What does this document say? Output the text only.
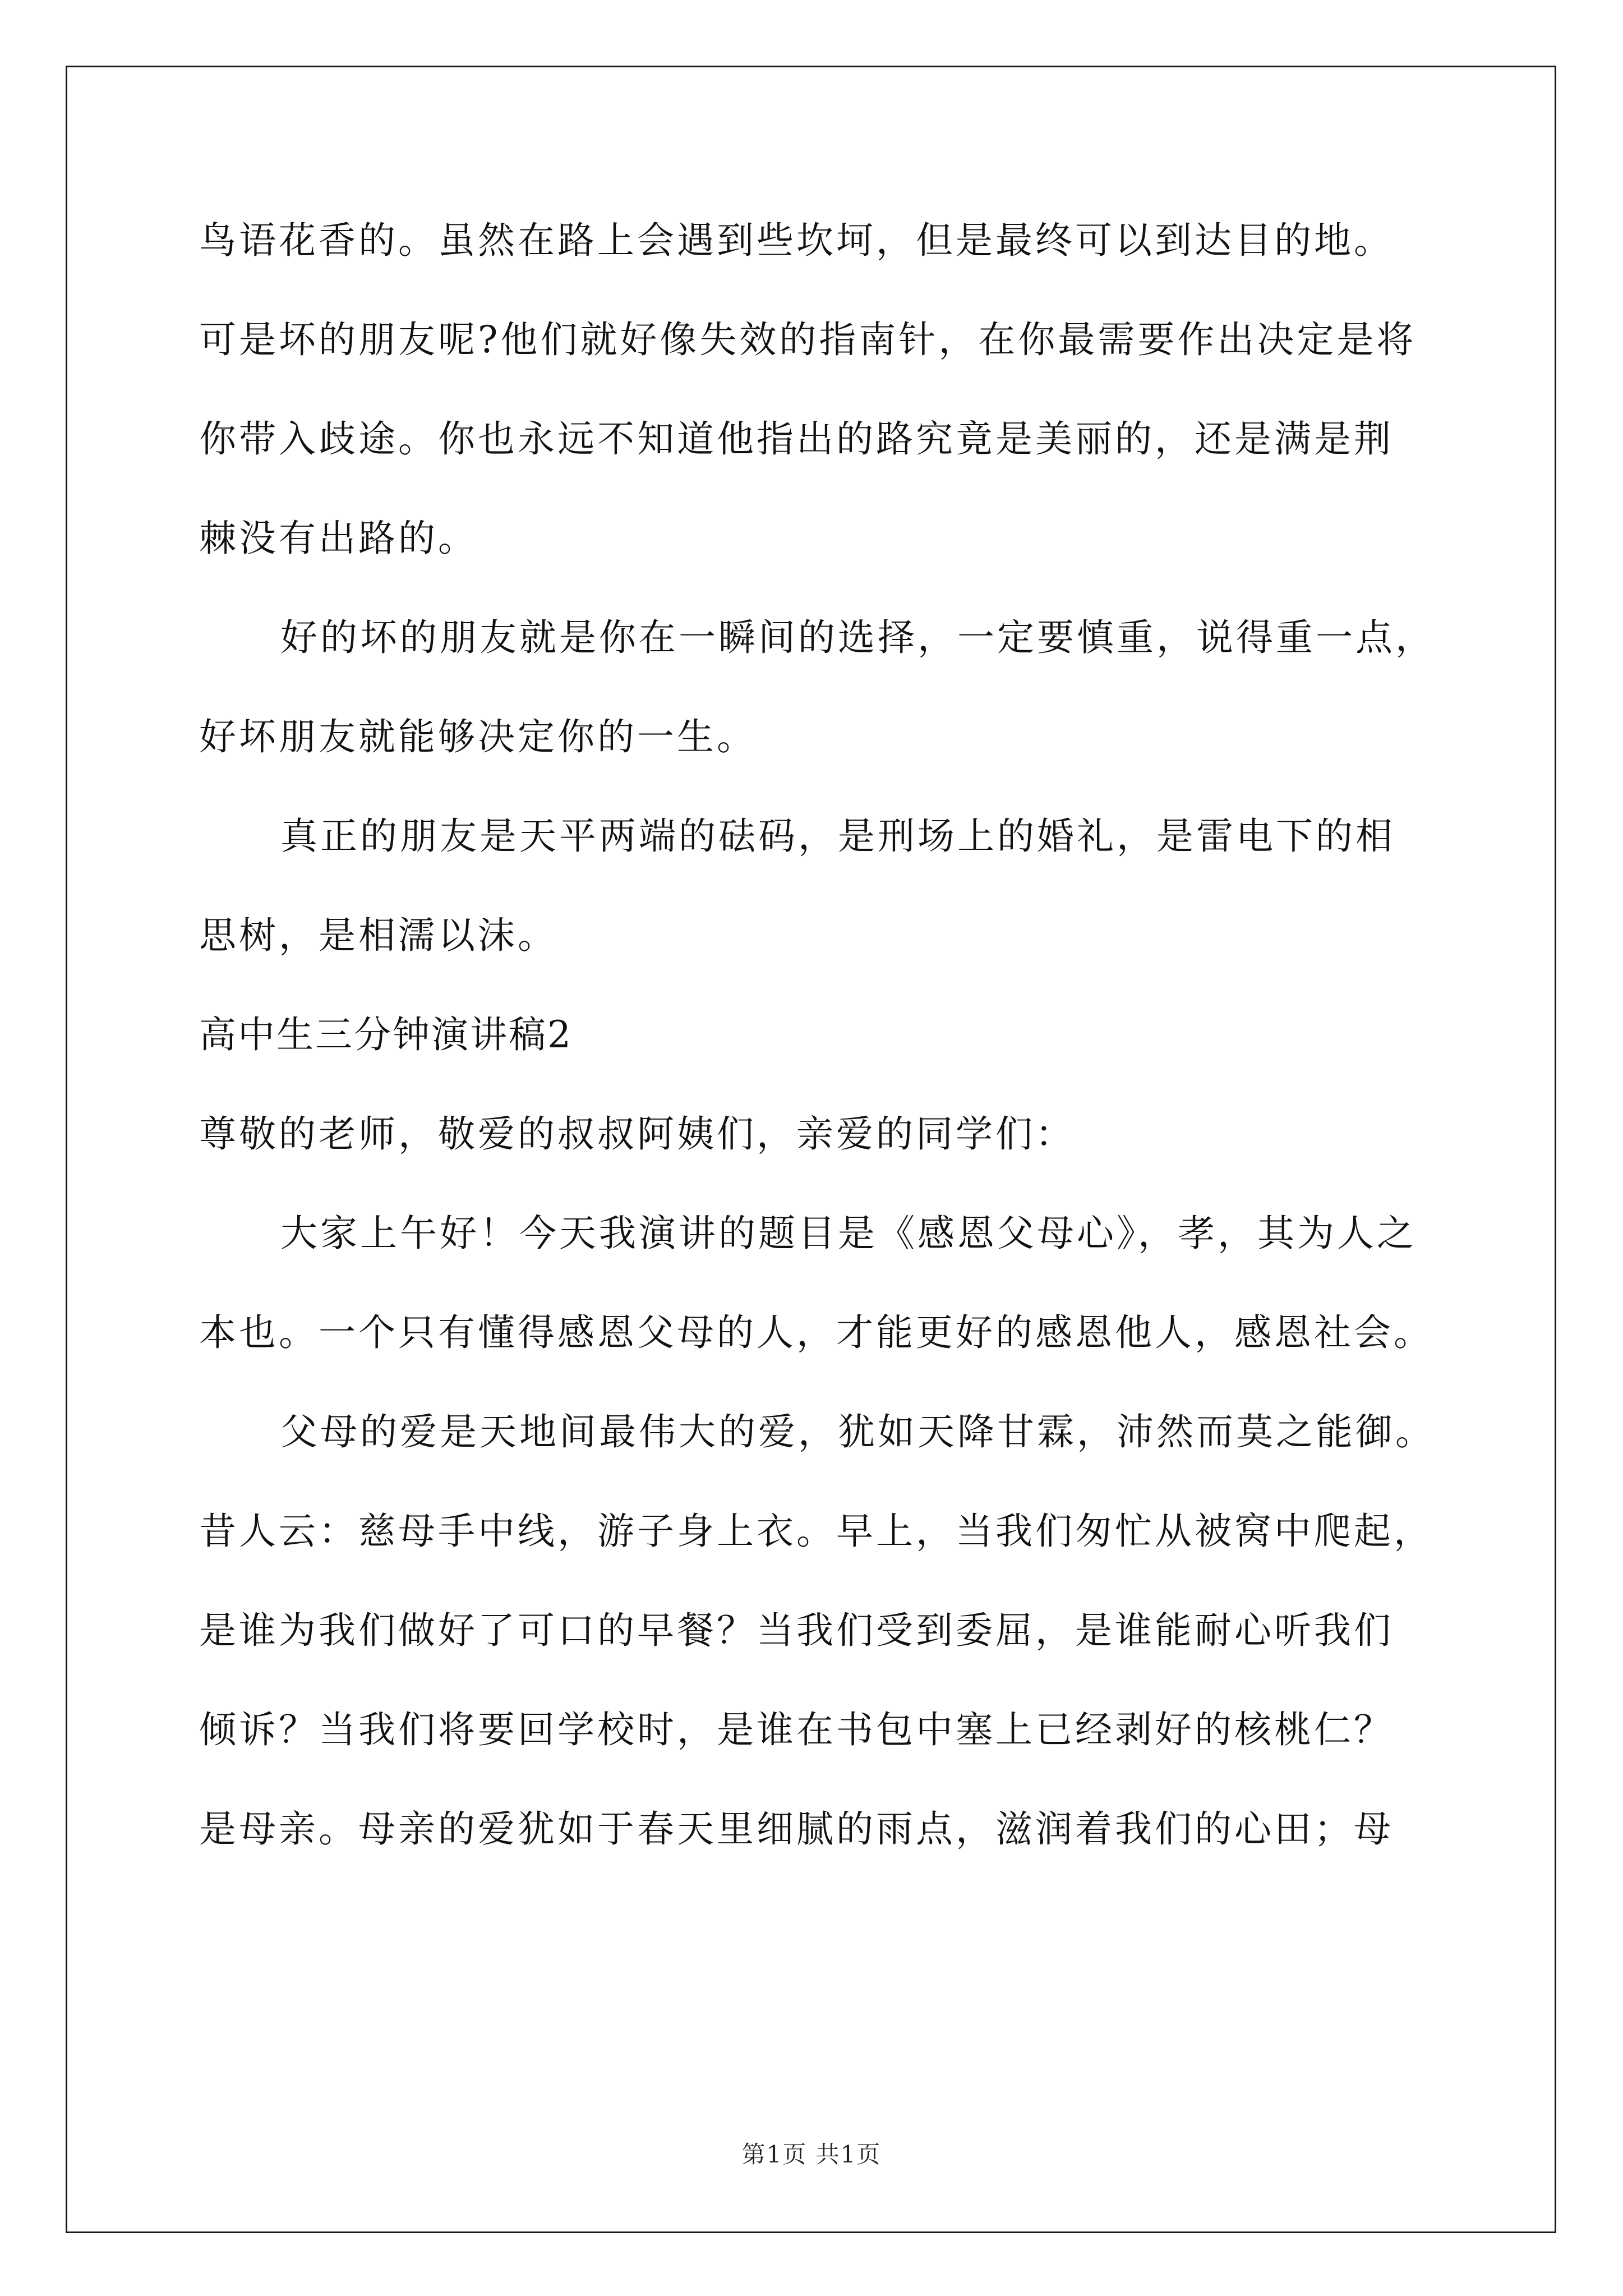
鸟语花香的。虽然在路上会遇到些坎坷，但是最终可以到达目的地。
可是坏的朋友呢?他们就好像失效的指南针，在你最需要作出决定是将
你带入歧途。你也永远不知道他指出的路究竟是美丽的，还是满是荆
棘没有出路的。
好的坏的朋友就是你在一瞬间的选择，一定要慎重，说得重一点，
好坏朋友就能够决定你的一生。
真正的朋友是天平两端的砝码，是刑场上的婚礼，是雷电下的相
思树，是相濡以沫。
高中生三分钟演讲稿2
尊敬的老师，敬爱的叔叔阿姨们，亲爱的同学们：
大家上午好！今天我演讲的题目是《感恩父母心》，孝，其为人之
本也。一个只有懂得感恩父母的人，才能更好的感恩他人，感恩社会。
父母的爱是天地间最伟大的爱，犹如天降甘霖，沛然而莫之能御。
昔人云：慈母手中线，游子身上衣。早上，当我们匆忙从被窝中爬起，
是谁为我们做好了可口的早餐？当我们受到委屈，是谁能耐心听我们
倾诉？当我们将要回学校时，是谁在书包中塞上已经剥好的核桃仁？
是母亲。母亲的爱犹如于春天里细腻的雨点，滋润着我们的心田；母
第1页 共1页
